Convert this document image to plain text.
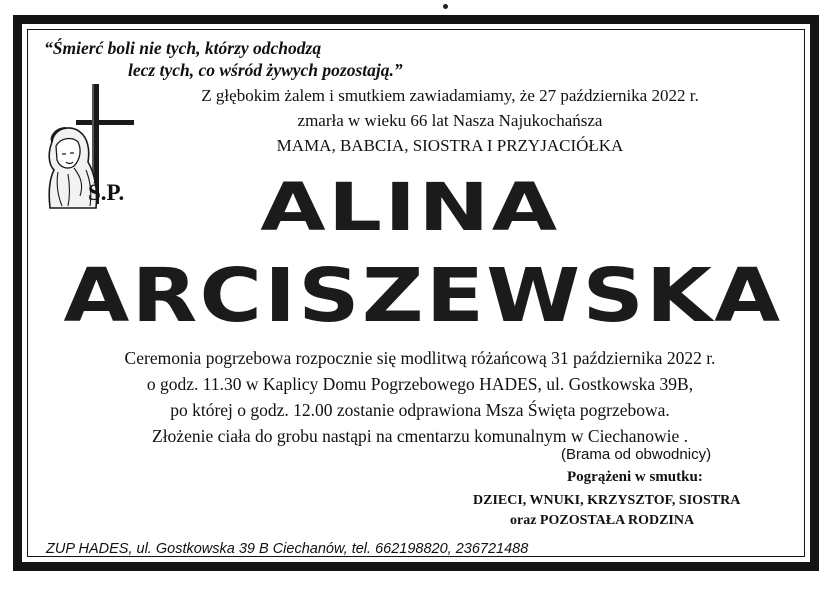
“Śmierć boli nie tych, którzy odchodzą
lecz tych, co wśród żywych pozostają.”
Z głębokim żalem i smutkiem zawiadamiamy, że 27 października 2022 r.
zmarła w wieku 66 lat Nasza Najukochańsza
MAMA, BABCIA, SIOSTRA I PRZYJACIÓŁKA
Ś.P.	ALINA
ARCISZEWSKA
Ceremonia pogrzebowa rozpocznie się modlitwą różańcową 31 października 2022 r.
o godz. 11.30 w Kaplicy Domu Pogrzebowego HADES, ul. Gostkowska 39B,
po której o godz. 12.00 zostanie odprawiona Msza Święta pogrzebowa.
Złożenie ciała do grobu nastąpi na cmentarzu komunalnym w Ciechanowie .
(Brama od obwodnicy)
Pogrążeni w smutku:
DZIECI, WNUKI, KRZYSZTOF, SIOSTRA
oraz POZOSTAŁA RODZINA
ZUP HADES, ul. Gostkowska 39 B Ciechanów, tel. 662198820, 236721488
